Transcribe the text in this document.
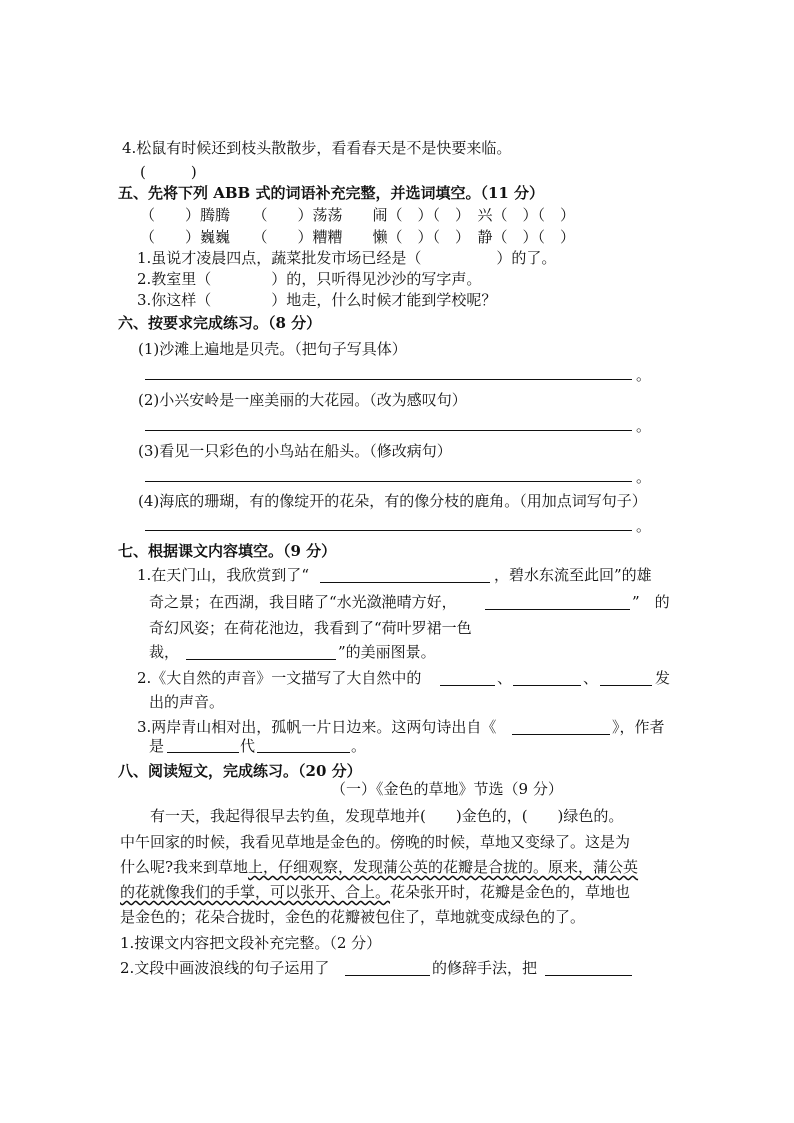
4.松鼠有时候还到枝头散散步，看看春天是不是快要来临。
(　　　)
五、先将下列 ABB 式的词语补充完整，并选词填空。（11 分）
（　　）腾腾　　（　　）荡荡　　闹（　）（　）　兴（　）（　）
（　　）巍巍　　（　　）糟糟　　懒（　）（　）　静（　）（　）
1.虽说才凌晨四点，蔬菜批发市场已经是（　　　　　）的了。
2.教室里（　　　　）的，只听得见沙沙的写字声。
3.你这样（　　　　）地走，什么时候才能到学校呢？
六、按要求完成练习。（8 分）
(1)沙滩上遍地是贝壳。（把句子写具体）
。
(2)小兴安岭是一座美丽的大花园。（改为感叹句）
。
(3)看见一只彩色的小鸟站在船头。（修改病句）
。
(4)海底的珊瑚，有的像绽开的花朵，有的像分枝的鹿角。（用加点词写句子）
。
七、根据课文内容填空。（9 分）
1.在天门山，我欣赏到了“	，碧水东流至此回”的雄
奇之景；在西湖，我目睹了“水光潋滟晴方好，	”　的
奇幻风姿；在荷花池边，我看到了“荷叶罗裙一色
裁，	”的美丽图景。
2.《大自然的声音》一文描写了大自然中的	、	、	发
出的声音。
3.两岸青山相对出，孤帆一片日边来。这两句诗出自《	》，作者
是	代	。
八、阅读短文，完成练习。（20 分）
（一）《金色的草地》节选（9 分）
　　有一天，我起得很早去钓鱼，发现草地并(　　)金色的，(　　)绿色的。
中午回家的时候，我看见草地是金色的。傍晚的时候，草地又变绿了。这是为
什么呢?我来到草地上，仔细观察，发现蒲公英的花瓣是合拢的。原来，蒲公英
的花就像我们的手掌，可以张开、合上。花朵张开时，花瓣是金色的，草地也
是金色的；花朵合拢时，金色的花瓣被包住了，草地就变成绿色的了。
1.按课文内容把文段补充完整。（2 分）
2.文段中画波浪线的句子运用了	的修辞手法，把
